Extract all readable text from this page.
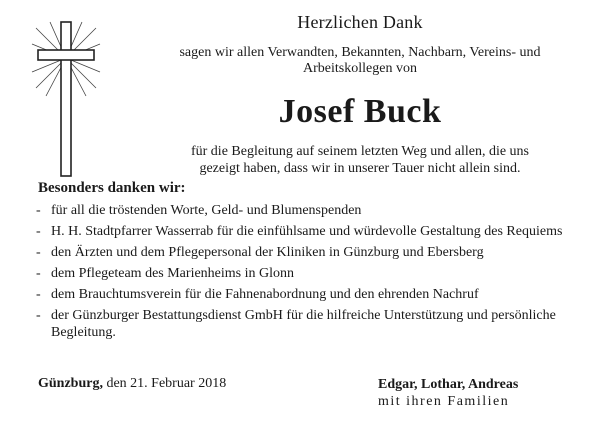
Herzlichen Dank
sagen wir allen Verwandten, Bekannten, Nachbarn, Vereins- und
Arbeitskollegen von
Josef Buck
für die Begleitung auf seinem letzten Weg und allen, die uns
gezeigt haben, dass wir in unserer Tauer nicht allein sind.
Besonders danken wir:
- für all die tröstenden Worte, Geld- und Blumenspenden
- H. H. Stadtpfarrer Wasserrab für die einfühlsame und würdevolle Gestaltung des Requiems
- den Ärzten und dem Pflegepersonal der Kliniken in Günzburg und Ebersberg
- dem Pflegeteam des Marienheims in Glonn
- dem Brauchtumsverein für die Fahnenabordnung und den ehrenden Nachruf
- der Günzburger Bestattungsdienst GmbH für die hilfreiche Unterstützung und persönliche Begleitung.
Günzburg, den 21. Februar 2018	Edgar, Lothar, Andreas
mit ihren Familien
